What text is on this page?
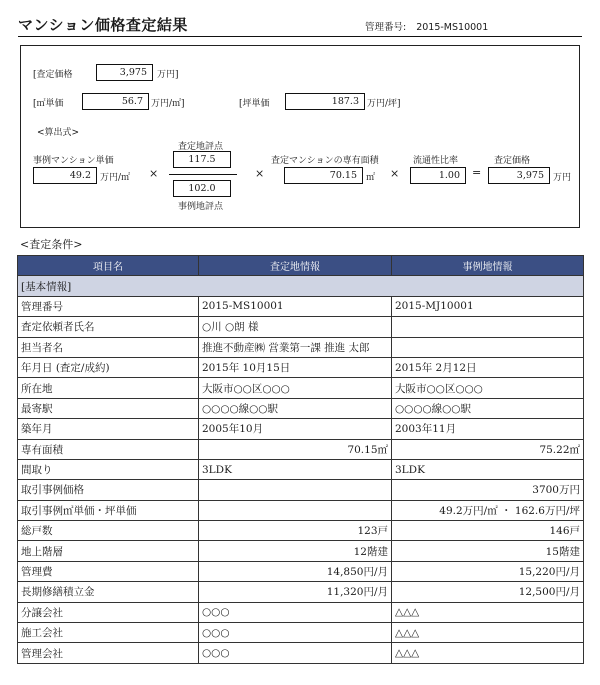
マンション価格査定結果	管理番号: 2015-MS10001
[査定価格	3,975	万円]
[㎡単価	56.7 万円/㎡]	[坪単価	187.3 万円/坪]
<算出式>
事例マンション単価
49.2	万円/㎡ ×
査定地評点
117.5
102.0
事例地評点
×
査定マンションの専有面積
70.15	㎡ ×
流通性比率
1.00	=
査定価格
3,975	万円
<査定条件>
項目名	査定地情報	事例地情報
[基本情報]		
管理番号	2015-MS10001	2015-MJ10001
査定依頼者氏名	○川 ○朗 様	
担当者名	推進不動産㈱ 営業第一課 推進 太郎	
年月日 (査定/成約)	2015年 10月15日	2015年 2月12日
所在地	大阪市○○区○○○	大阪市○○区○○○
最寄駅	○○○○線○○駅	○○○○線○○駅
築年月	2005年10月	2003年11月
専有面積	70.15㎡	75.22㎡
間取り	3LDK	3LDK
取引事例価格		3700万円
取引事例㎡単価・坪単価		49.2万円/㎡ ・ 162.6万円/坪
総戸数	123戸	146戸
地上階層	12階建	15階建
管理費	14,850円/月	15,220円/月
長期修繕積立金	11,320円/月	12,500円/月
分譲会社	○○○	△△△
施工会社	○○○	△△△
管理会社	○○○	△△△
